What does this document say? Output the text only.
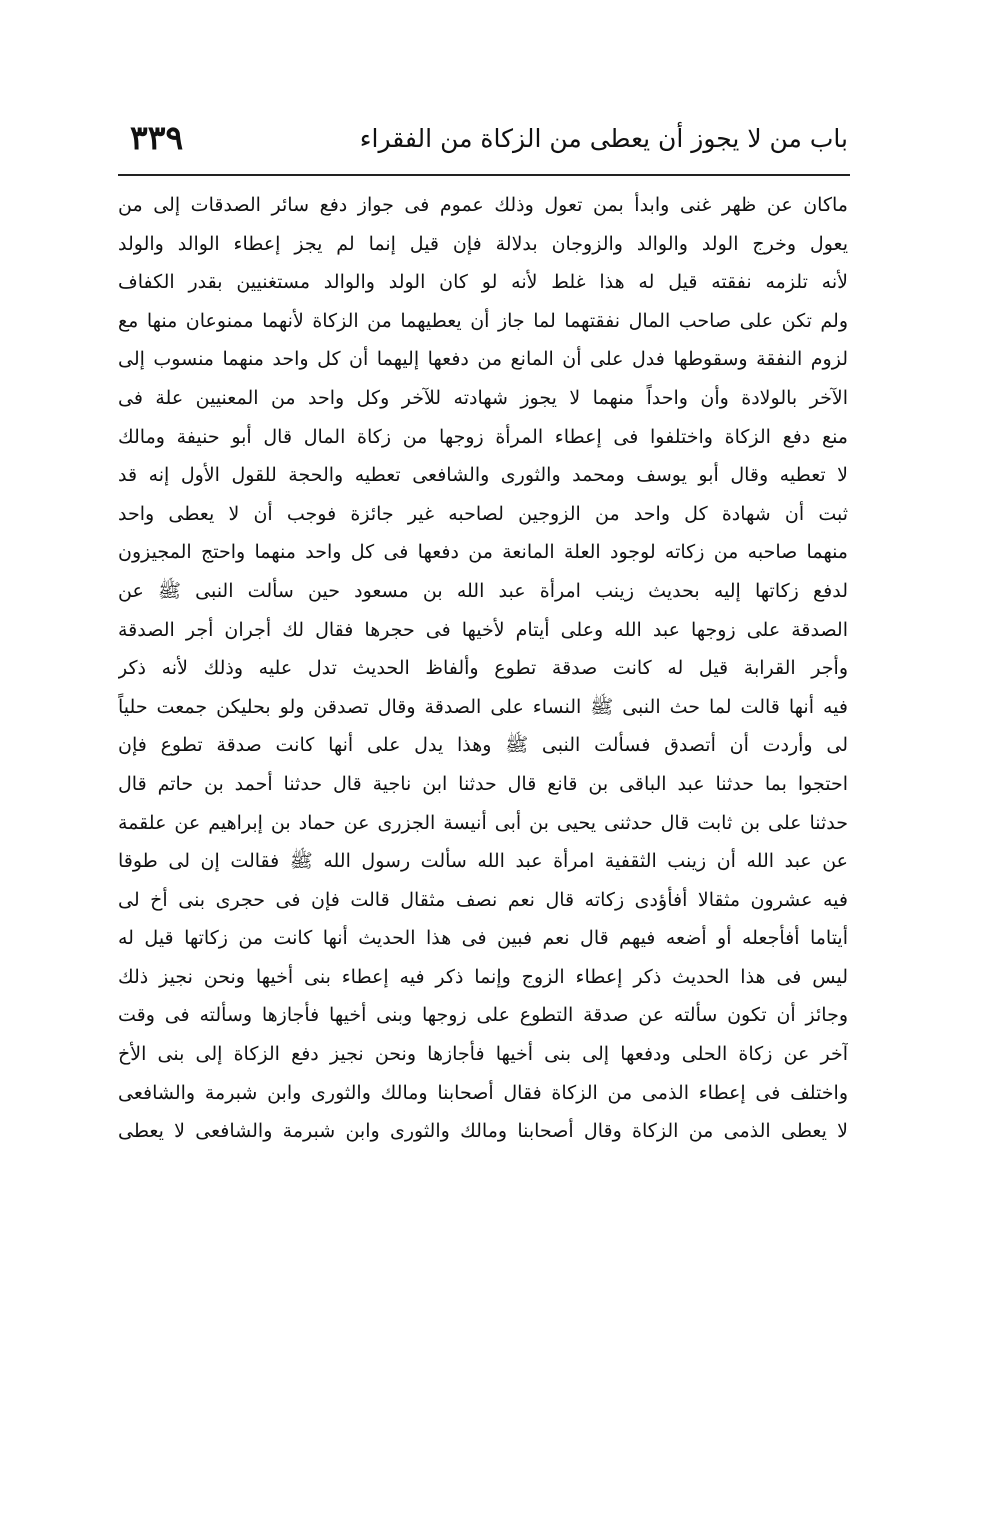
باب من لا يجوز أن يعطى من الزكاة من الفقراء
٣٣٩
ماكان عن ظهر غنى وابدأ بمن تعول وذلك عموم فى جواز دفع سائر الصدقات إلى من
يعول وخرج الولد والوالد والزوجان بدلالة فإن قيل إنما لم يجز إعطاء الوالد والولد
لأنه تلزمه نفقته قيل له هذا غلط لأنه لو كان الولد والوالد مستغنيين بقدر الكفاف
ولم تكن على صاحب المال نفقتهما لما جاز أن يعطيهما من الزكاة لأنهما ممنوعان منها مع
لزوم النفقة وسقوطها فدل على أن المانع من دفعها إليهما أن كل واحد منهما منسوب إلى
الآخر بالولادة وأن واحداً منهما لا يجوز شهادته للآخر وكل واحد من المعنيين علة فى
منع دفع الزكاة واختلفوا فى إعطاء المرأة زوجها من زكاة المال قال أبو حنيفة ومالك
لا تعطيه وقال أبو يوسف ومحمد والثورى والشافعى تعطيه والحجة للقول الأول إنه قد
ثبت أن شهادة كل واحد من الزوجين لصاحبه غير جائزة فوجب أن لا يعطى واحد
منهما صاحبه من زكاته لوجود العلة المانعة من دفعها فى كل واحد منهما واحتج المجيزون
لدفع زكاتها إليه بحديث زينب امرأة عبد الله بن مسعود حين سألت النبى ﷺ عن
الصدقة على زوجها عبد الله وعلى أيتام لأخيها فى حجرها فقال لك أجران أجر الصدقة
وأجر القرابة قيل له كانت صدقة تطوع وألفاظ الحديث تدل عليه وذلك لأنه ذكر
فيه أنها قالت لما حث النبى ﷺ النساء على الصدقة وقال تصدقن ولو بحليكن جمعت حلياً
لى وأردت أن أتصدق فسألت النبى ﷺ وهذا يدل على أنها كانت صدقة تطوع فإن
احتجوا بما حدثنا عبد الباقى بن قانع قال حدثنا ابن ناجية قال حدثنا أحمد بن حاتم قال
حدثنا على بن ثابت قال حدثنى يحيى بن أبى أنيسة الجزرى عن حماد بن إبراهيم عن علقمة
عن عبد الله أن زينب الثقفية امرأة عبد الله سألت رسول الله ﷺ فقالت إن لى طوقا
فيه عشرون مثقالا أفأؤدى زكاته قال نعم نصف مثقال قالت فإن فى حجرى بنى أخ لى
أيتاما أفأجعله أو أضعه فيهم قال نعم فبين فى هذا الحديث أنها كانت من زكاتها قيل له
ليس فى هذا الحديث ذكر إعطاء الزوج وإنما ذكر فيه إعطاء بنى أخيها ونحن نجيز ذلك
وجائز أن تكون سألته عن صدقة التطوع على زوجها وبنى أخيها فأجازها وسألته فى وقت
آخر عن زكاة الحلى ودفعها إلى بنى أخيها فأجازها ونحن نجيز دفع الزكاة إلى بنى الأخ
واختلف فى إعطاء الذمى من الزكاة فقال أصحابنا ومالك والثورى وابن شبرمة والشافعى
لا يعطى الذمى من الزكاة وقال أصحابنا ومالك والثورى وابن شبرمة والشافعى لا يعطى
